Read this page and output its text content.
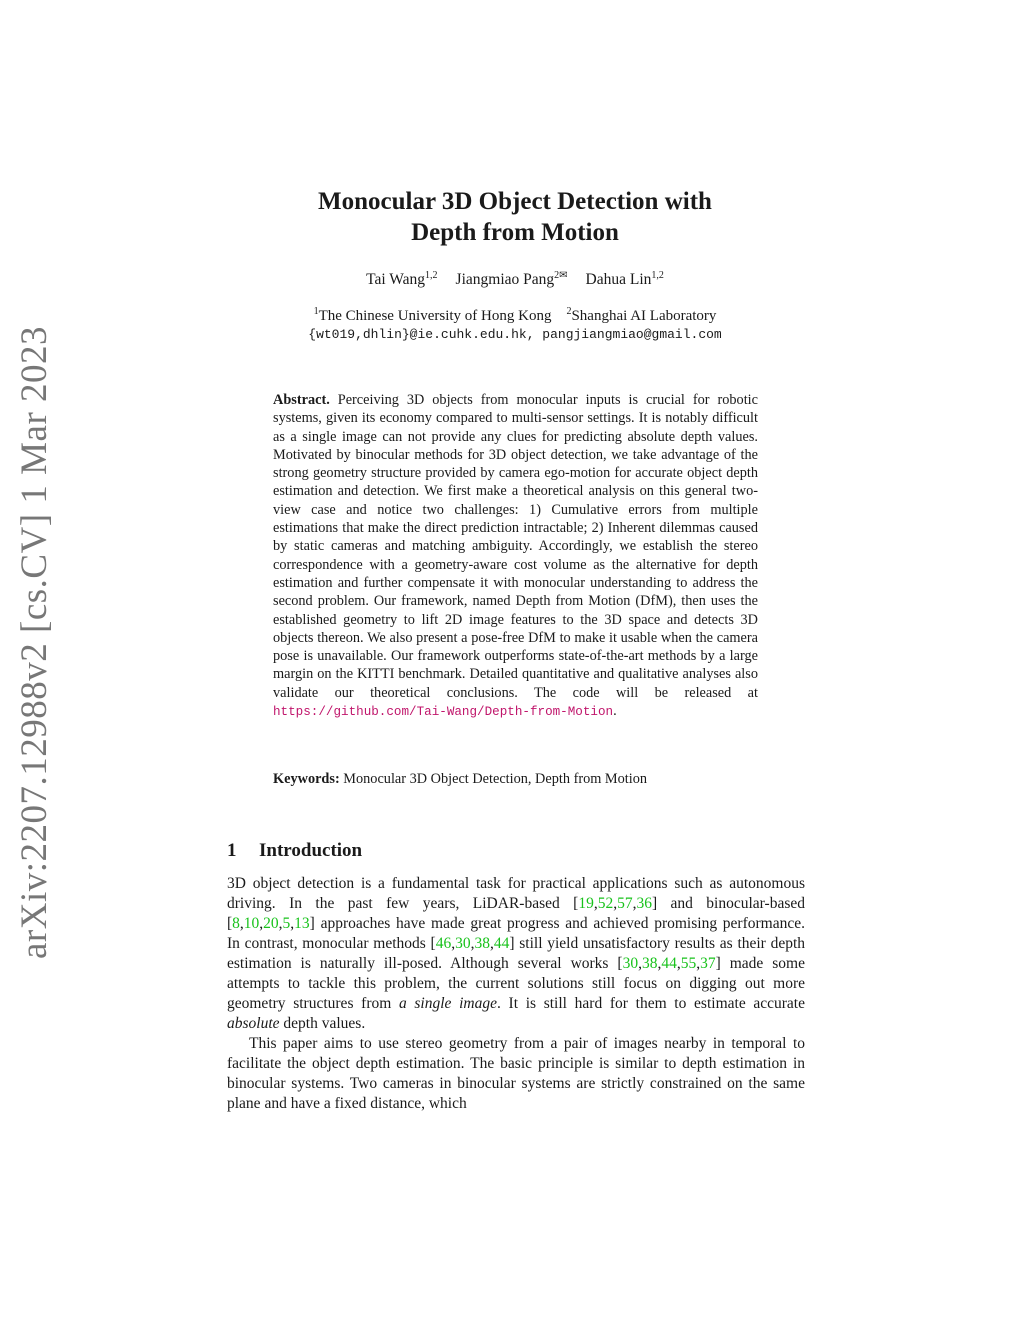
arXiv:2207.12988v2 [cs.CV] 1 Mar 2023
Monocular 3D Object Detection with
Depth from Motion
Tai Wang$^{1,2}$ Jiangmiao Pang$^{2✉}$ Dahua Lin$^{1,2}$
$^1$The Chinese University of Hong Kong $^2$Shanghai AI Laboratory
{wt019,dhlin}@ie.cuhk.edu.hk, pangjiangmiao@gmail.com
Abstract. Perceiving 3D objects from monocular inputs is crucial for robotic systems, given its economy compared to multi-sensor settings. It is notably difficult as a single image can not provide any clues for predicting absolute depth values. Motivated by binocular methods for 3D object detection, we take advantage of the strong geometry structure provided by camera ego-motion for accurate object depth estimation and detection. We first make a theoretical analysis on this general two-view case and notice two challenges: 1) Cumulative errors from multiple estimations that make the direct prediction intractable; 2) Inherent dilemmas caused by static cameras and matching ambiguity. Accordingly, we establish the stereo correspondence with a geometry-aware cost volume as the alternative for depth estimation and further compensate it with monocular understanding to address the second problem. Our framework, named Depth from Motion (DfM), then uses the established geometry to lift 2D image features to the 3D space and detects 3D objects thereon. We also present a pose-free DfM to make it usable when the camera pose is unavailable. Our framework outperforms state-of-the-art methods by a large margin on the KITTI benchmark. Detailed quantitative and qualitative analyses also validate our theoretical conclusions. The code will be released at https://github.com/Tai-Wang/Depth-from-Motion.
Keywords: Monocular 3D Object Detection, Depth from Motion
1 Introduction

3D object detection is a fundamental task for practical applications such as autonomous driving. In the past few years, LiDAR-based [19,52,57,36] and binocular-based [8,10,20,5,13] approaches have made great progress and achieved promising performance. In contrast, monocular methods [46,30,38,44] still yield unsatisfactory results as their depth estimation is naturally ill-posed. Although several works [30,38,44,55,37] made some attempts to tackle this problem, the current solutions still focus on digging out more geometry structures from a single image. It is still hard for them to estimate accurate absolute depth values.

This paper aims to use stereo geometry from a pair of images nearby in temporal to facilitate the object depth estimation. The basic principle is similar to depth estimation in binocular systems. Two cameras in binocular systems are strictly constrained on the same plane and have a fixed distance, which
